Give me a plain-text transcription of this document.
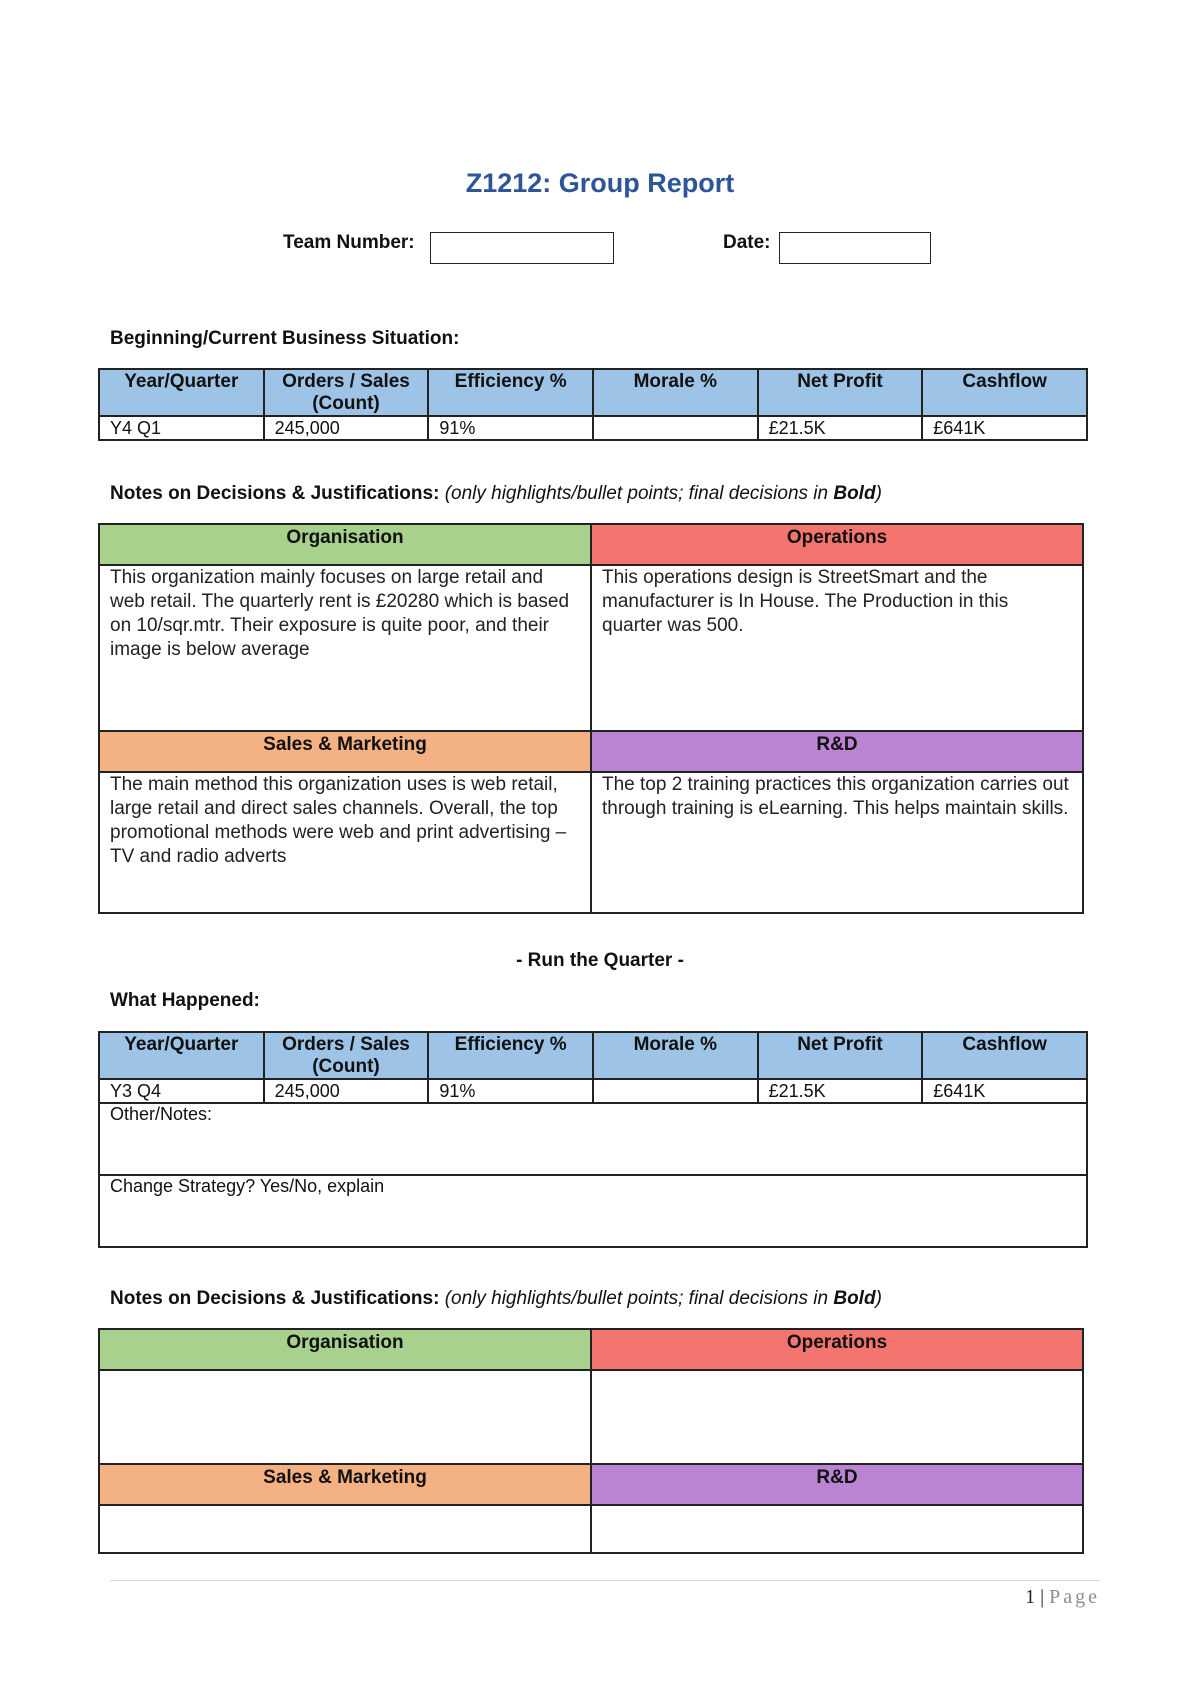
Z1212: Group Report
Team Number:	Date:
Beginning/Current Business Situation:
Year/Quarter	Orders / Sales (Count)	Efficiency %	Morale %	Net Profit	Cashflow
Y4 Q1	245,000	91%		£21.5K	£641K
Notes on Decisions & Justifications: (only highlights/bullet points; final decisions in Bold)
Organisation	Operations
This organization mainly focuses on large retail and web retail. The quarterly rent is £20280 which is based on 10/sqr.mtr. Their exposure is quite poor, and their image is below average	This operations design is StreetSmart and the manufacturer is In House. The Production in this quarter was 500.
Sales & Marketing	R&D
The main method this organization uses is web retail, large retail and direct sales channels. Overall, the top promotional methods were web and print advertising – TV and radio adverts	The top 2 training practices this organization carries out through training is eLearning. This helps maintain skills.
- Run the Quarter -
What Happened:
Year/Quarter	Orders / Sales (Count)	Efficiency %	Morale %	Net Profit	Cashflow
Y3 Q4	245,000	91%		£21.5K	£641K
Other/Notes:					
Change Strategy? Yes/No, explain					
Notes on Decisions & Justifications: (only highlights/bullet points; final decisions in Bold)
Organisation	Operations

Sales & Marketing	R&D

1 | Page
